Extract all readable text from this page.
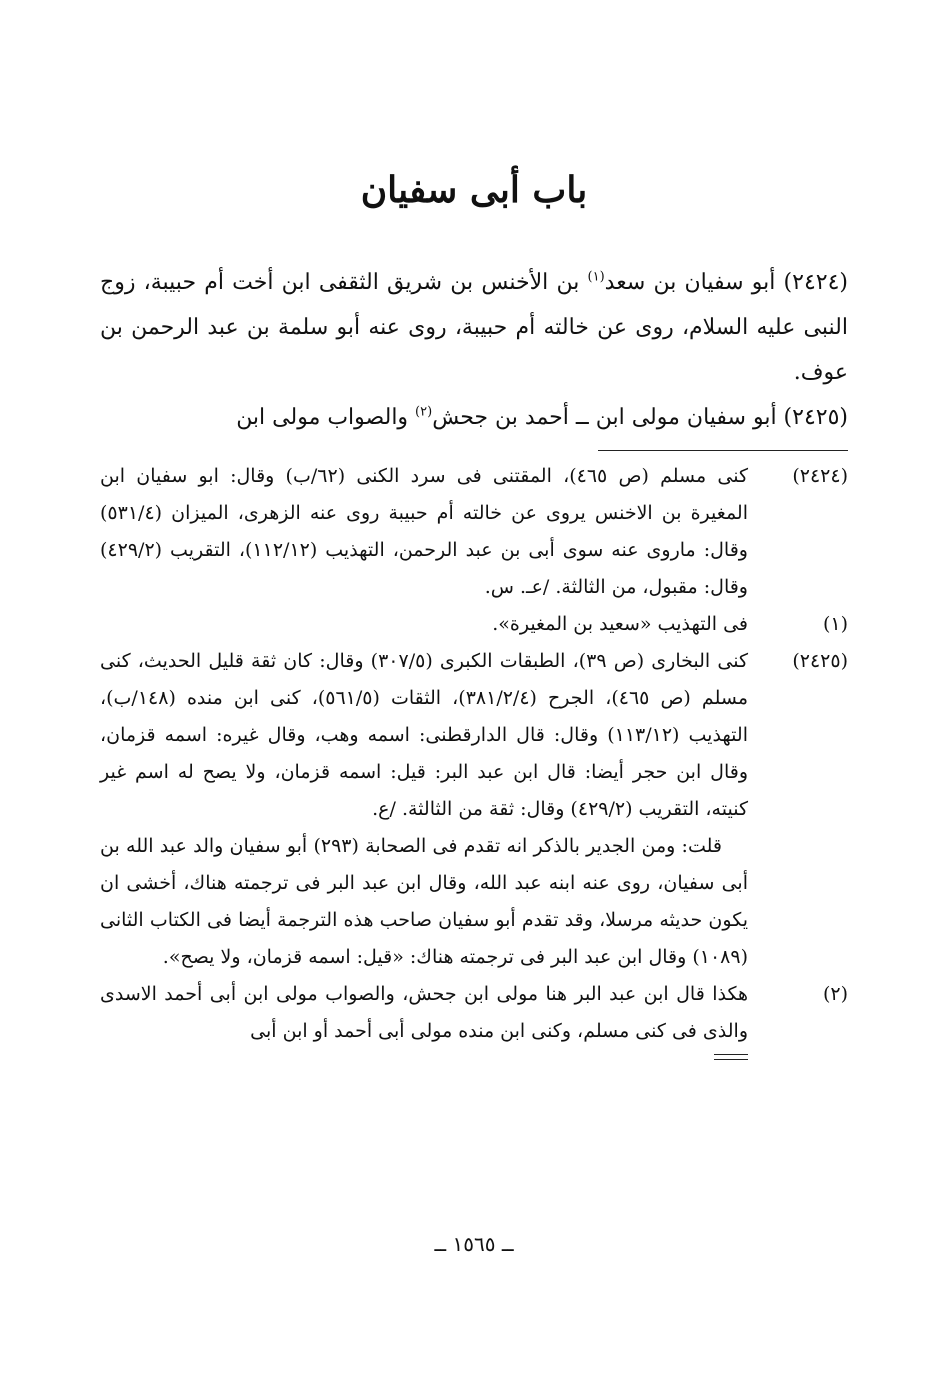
باب أبى سفيان

(٢٤٢٤) أبو سفيان بن سعد$^{(١)}$ بن الأخنس بن شريق الثقفى ابن أخت أم حبيبة، زوج النبى عليه السلام، روى عن خالته أم حبيبة، روى عنه أبو سلمة بن عبد الرحمن بن عوف.

(٢٤٢٥) أبو سفيان مولى ابن ــ أحمد بن جحش$^{(٢)}$ والصواب مولى ابن

(٢٤٢٤)
كنى مسلم (ص ٤٦٥)، المقتنى فى سرد الكنى (٦٢/ب) وقال: ابو سفيان ابن المغيرة بن الاخنس يروى عن خالته أم حبيبة روى عنه الزهرى، الميزان (٥٣١/٤) وقال: ماروى عنه سوى أبى بن عبد الرحمن، التهذيب (١١٢/١٢)، التقريب (٤٢٩/٢) وقال: مقبول، من الثالثة. /عـ. س.
(١)
فى التهذيب «سعيد بن المغيرة».
(٢٤٢٥)
كنى البخارى (ص ٣٩)، الطبقات الكبرى (٣٠٧/٥) وقال: كان ثقة قليل الحديث، كنى مسلم (ص ٤٦٥)، الجرح (٣٨١/٢/٤)، الثقات (٥٦١/٥)، كنى ابن منده (١٤٨/ب)، التهذيب (١١٣/١٢) وقال: قال الدارقطنى: اسمه وهب، وقال غيره: اسمه قزمان، وقال ابن حجر أيضا: قال ابن عبد البر: قيل: اسمه قزمان، ولا يصح له اسم غير كنيته، التقريب (٤٢٩/٢) وقال: ثقة من الثالثة. /ع.
قلت: ومن الجدير بالذكر انه تقدم فى الصحابة (٢٩٣) أبو سفيان والد عبد الله بن أبى سفيان، روى عنه ابنه عبد الله، وقال ابن عبد البر فى ترجمته هناك، أخشى ان يكون حديثه مرسلا، وقد تقدم أبو سفيان صاحب هذه الترجمة أيضا فى الكتاب الثانى (١٠٨٩) وقال ابن عبد البر فى ترجمته هناك: «قيل: اسمه قزمان، ولا يصح».
(٢)
هكذا قال ابن عبد البر هنا مولى ابن جحش، والصواب مولى ابن أبى أحمد الاسدى والذى فى كنى مسلم، وكنى ابن منده مولى أبى أحمد أو ابن أبى
ــ ١٥٦٥ ــ
